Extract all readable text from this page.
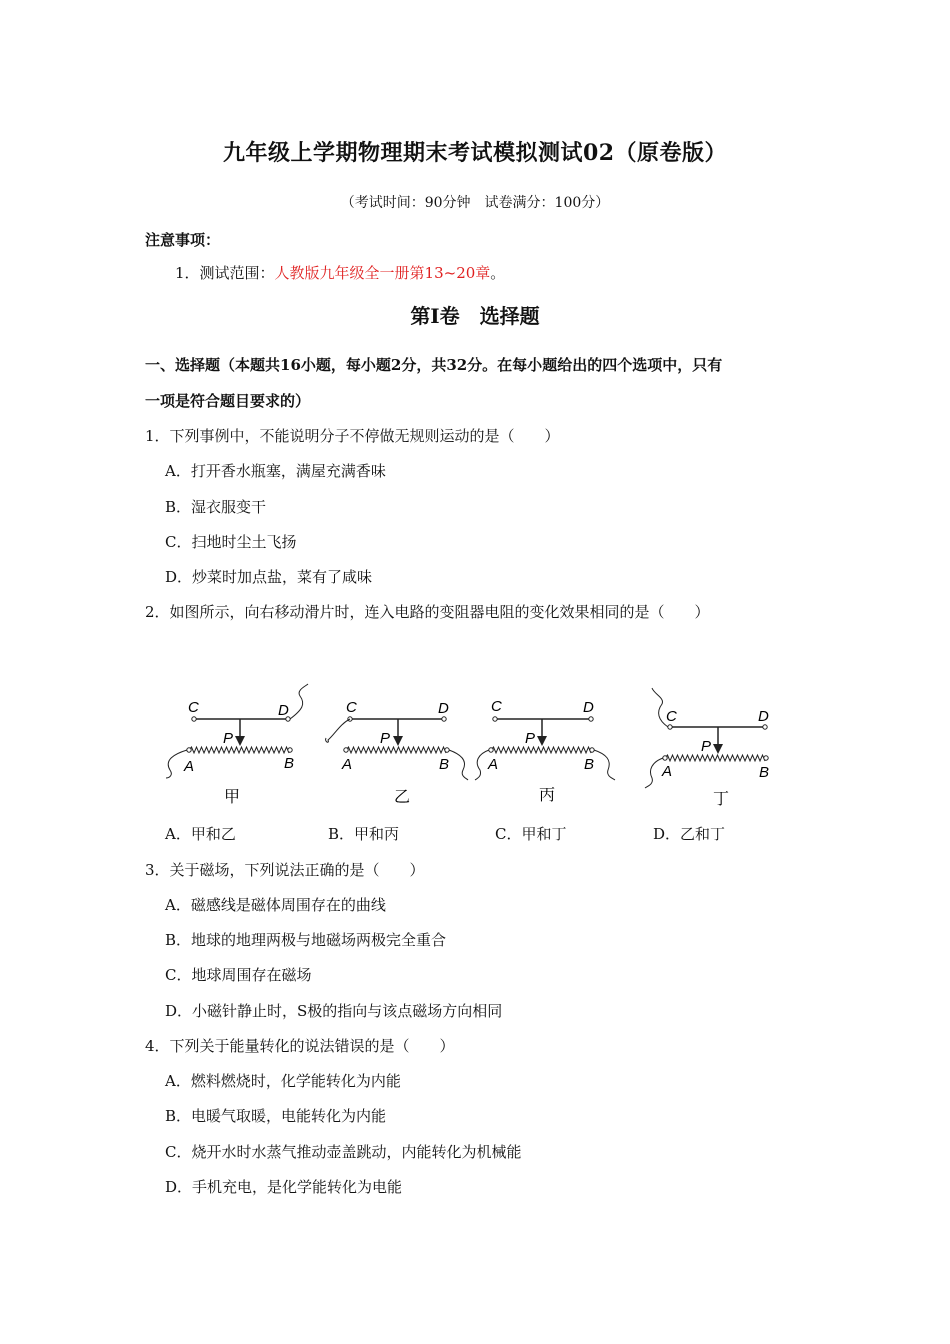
九年级上学期物理期末考试模拟测试02（原卷版）
（考试时间：90分钟　试卷满分：100分）
注意事项：
1．测试范围：人教版九年级全一册第13~20章。
第Ⅰ卷　选择题
一、选择题（本题共16小题，每小题2分，共32分。在每小题给出的四个选项中，只有
一项是符合题目要求的）
1．下列事例中，不能说明分子不停做无规则运动的是（　　）
A．打开香水瓶塞，满屋充满香味
B．湿衣服变干
C．扫地时尘土飞扬
D．炒菜时加点盐，菜有了咸味
2．如图所示，向右移动滑片时，连入电路的变阻器电阻的变化效果相同的是（　　）
C	D
P
A	B
甲
C	D
P
A	B
乙
C	D
P
A	B
丙
C	D
P
A	B
丁
A．甲和乙	B．甲和丙	C．甲和丁	D．乙和丁
3．关于磁场，下列说法正确的是（　　）
A．磁感线是磁体周围存在的曲线
B．地球的地理两极与地磁场两极完全重合
C．地球周围存在磁场
D．小磁针静止时，S极的指向与该点磁场方向相同
4．下列关于能量转化的说法错误的是（　　）
A．燃料燃烧时，化学能转化为内能
B．电暖气取暖，电能转化为内能
C．烧开水时水蒸气推动壶盖跳动，内能转化为机械能
D．手机充电，是化学能转化为电能
